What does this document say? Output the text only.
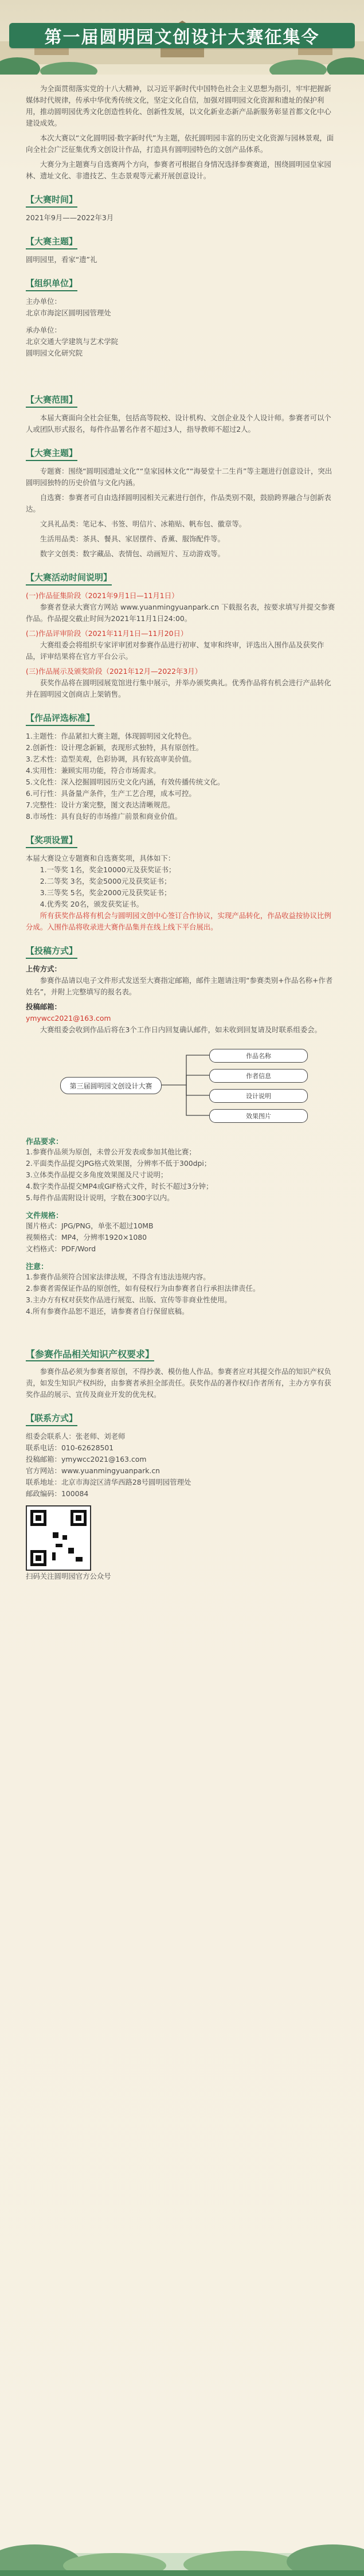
第一届圆明园文创设计大赛征集令

为全面贯彻落实党的十八大精神，以习近平新时代中国特色社会主义思想为指引，牢牢把握新媒体时代规律，传承中华优秀传统文化，坚定文化自信，加强对圆明园文化资源和遗址的保护利用，推动圆明园优秀文化创造性转化、创新性发展，以文化新业态新产品新服务彰显首都文化中心建设成效。

本次大赛以“文化圆明园·数字新时代”为主题，依托圆明园丰富的历史文化资源与园林景观，面向全社会广泛征集优秀文创设计作品，打造具有圆明园特色的文创产品体系。

大赛分为主题赛与自选赛两个方向，参赛者可根据自身情况选择参赛赛道，围绕圆明园皇家园林、遗址文化、非遗技艺、生态景观等元素开展创意设计。

【大赛时间】
2021年9月——2022年3月
【大赛主题】
圆明园里，看家“遗”礼
【组织单位】
主办单位：
北京市海淀区圆明园管理处
承办单位：
北京交通大学建筑与艺术学院
圆明园文化研究院
【大赛范围】

本届大赛面向全社会征集，包括高等院校、设计机构、文创企业及个人设计师。参赛者可以个人或团队形式报名，每件作品署名作者不超过3人，指导教师不超过2人。

【大赛主题】

专题赛：围绕“圆明园遗址文化”“皇家园林文化”“海晏堂十二生肖”等主题进行创意设计，突出圆明园独特的历史价值与文化内涵。

自选赛：参赛者可自由选择圆明园相关元素进行创作，作品类别不限，鼓励跨界融合与创新表达。

文具礼品类：笔记本、书签、明信片、冰箱贴、帆布包、徽章等。

生活用品类：茶具、餐具、家居摆件、香薰、服饰配件等。

数字文创类：数字藏品、表情包、动画短片、互动游戏等。

【大赛活动时间说明】
(一)作品征集阶段（2021年9月1日—11月1日）

参赛者登录大赛官方网站 www.yuanmingyuanpark.cn 下载报名表，按要求填写并提交参赛作品。作品提交截止时间为2021年11月1日24:00。

(二)作品评审阶段（2021年11月1日—11月20日）

大赛组委会将组织专家评审团对参赛作品进行初审、复审和终审，评选出入围作品及获奖作品，评审结果将在官方平台公示。

(三)作品展示及颁奖阶段（2021年12月—2022年3月）

获奖作品将在圆明园展览馆进行集中展示，并举办颁奖典礼。优秀作品将有机会进行产品转化并在圆明园文创商店上架销售。

【作品评选标准】
1.主题性：作品紧扣大赛主题，体现圆明园文化特色。
2.创新性：设计理念新颖，表现形式独特，具有原创性。
3.艺术性：造型美观，色彩协调，具有较高审美价值。
4.实用性：兼顾实用功能，符合市场需求。
5.文化性：深入挖掘圆明园历史文化内涵，有效传播传统文化。
6.可行性：具备量产条件，生产工艺合理，成本可控。
7.完整性：设计方案完整，图文表达清晰规范。
8.市场性：具有良好的市场推广前景和商业价值。
【奖项设置】
本届大赛设立专题赛和自选赛奖项，具体如下：
1.一等奖 1名，奖金10000元及获奖证书；
2.二等奖 3名，奖金5000元及获奖证书；
3.三等奖 5名，奖金2000元及获奖证书；
4.优秀奖 20名，颁发获奖证书。

所有获奖作品将有机会与圆明园文创中心签订合作协议，实现产品转化，作品收益按协议比例分成。入围作品将收录进大赛作品集并在线上线下平台展出。

【投稿方式】
上传方式：

参赛作品请以电子文件形式发送至大赛指定邮箱，邮件主题请注明“参赛类别+作品名称+作者姓名”，并附上完整填写的报名表。

投稿邮箱：
ymywcc2021@163.com

大赛组委会收到作品后将在3个工作日内回复确认邮件，如未收到回复请及时联系组委会。

第三届圆明园文创设计大赛
作品名称
作者信息
设计说明
效果图片
作品要求：
1.参赛作品须为原创，未曾公开发表或参加其他比赛；
2.平面类作品提交JPG格式效果图，分辨率不低于300dpi；
3.立体类作品提交多角度效果图及尺寸说明；
4.数字类作品提交MP4或GIF格式文件，时长不超过3分钟；
5.每件作品需附设计说明，字数在300字以内。
文件规格：
图片格式：JPG/PNG，单张不超过10MB
视频格式：MP4，分辨率1920×1080
文档格式：PDF/Word
注意：
1.参赛作品须符合国家法律法规，不得含有违法违规内容。
2.参赛者需保证作品的原创性，如有侵权行为由参赛者自行承担法律责任。
3.主办方有权对获奖作品进行展览、出版、宣传等非商业性使用。
4.所有参赛作品恕不退还，请参赛者自行保留底稿。
【参赛作品相关知识产权要求】

参赛作品必须为参赛者原创，不得抄袭、模仿他人作品。参赛者应对其提交作品的知识产权负责，如发生知识产权纠纷，由参赛者承担全部责任。获奖作品的著作权归作者所有，主办方享有获奖作品的展示、宣传及商业开发的优先权。

【联系方式】
组委会联系人：张老师、刘老师
联系电话：010-62628501
投稿邮箱：ymywcc2021@163.com
官方网站：www.yuanmingyuanpark.cn
联系地址：北京市海淀区清华西路28号圆明园管理处
邮政编码：100084
扫码关注圆明园官方公众号
